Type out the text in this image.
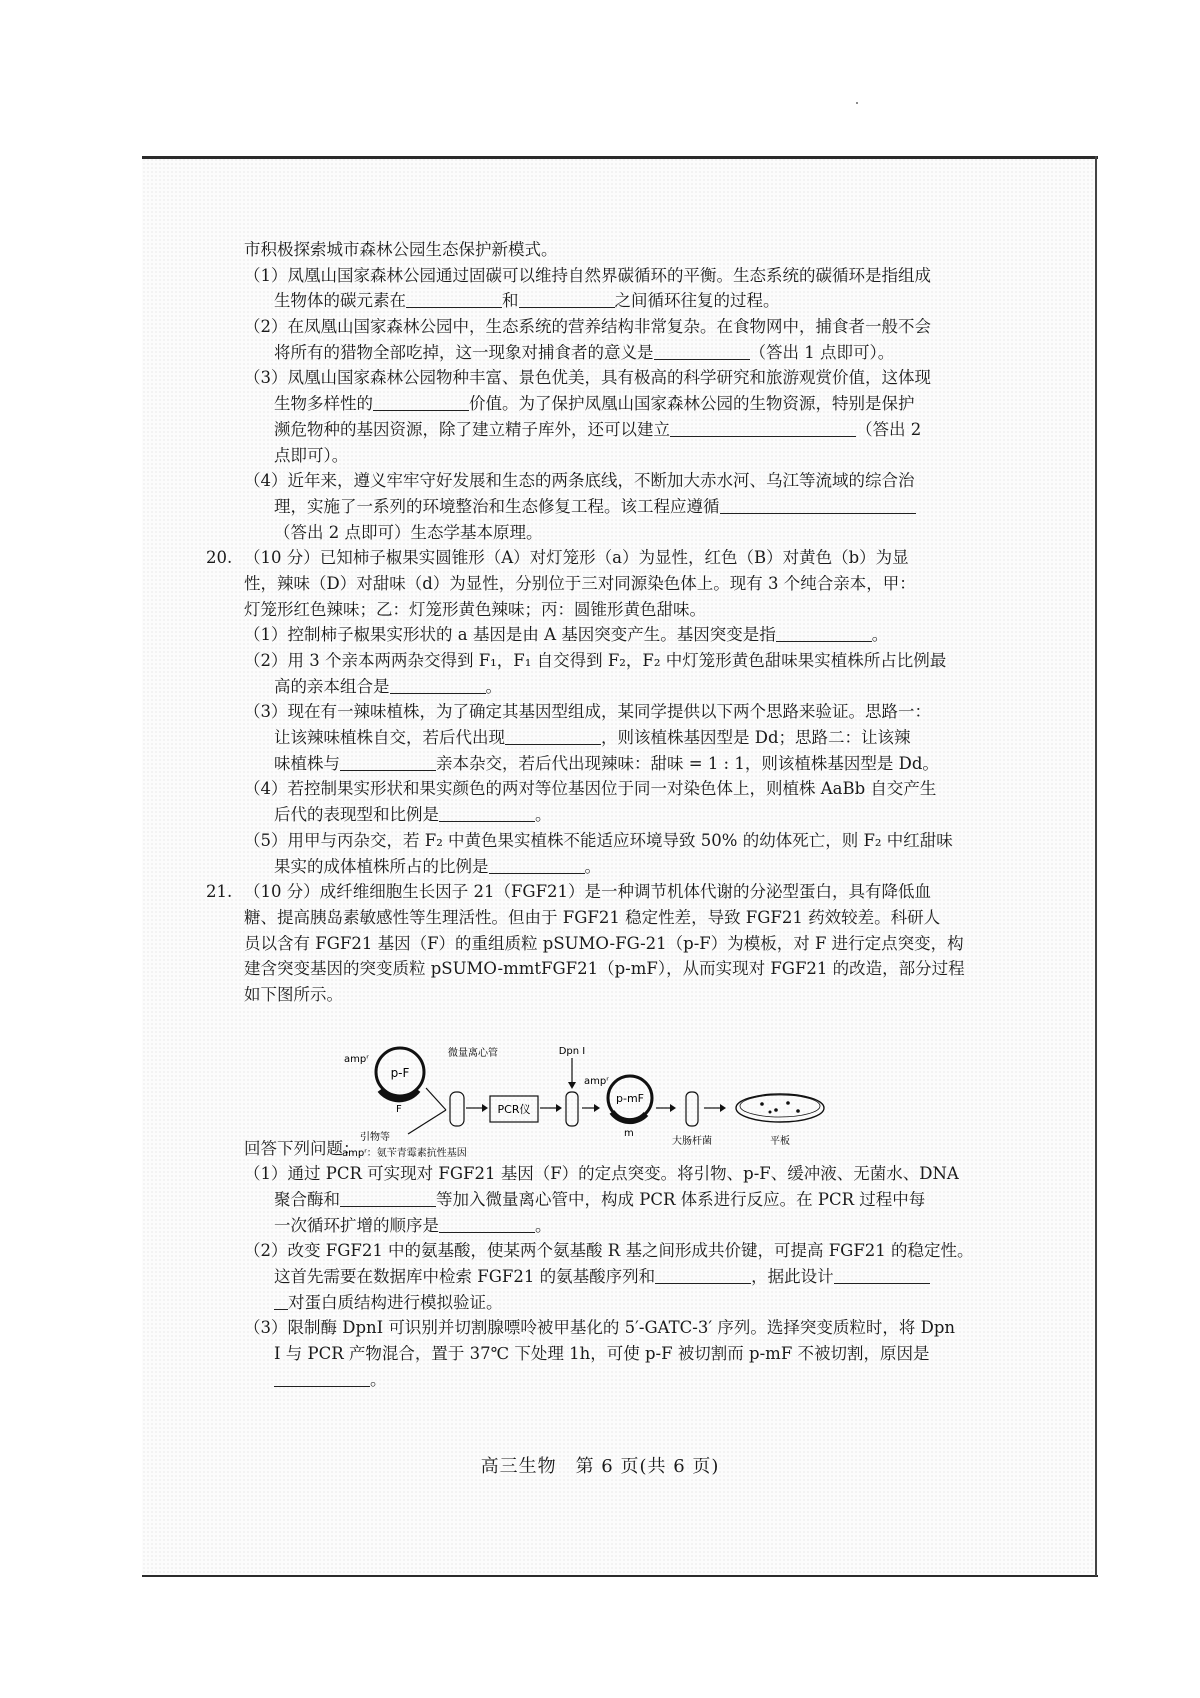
市积极探索城市森林公园生态保护新模式。
（1）凤凰山国家森林公园通过固碳可以维持自然界碳循环的平衡。生态系统的碳循环是指组成
生物体的碳元素在	和	之间循环往复的过程。
（2）在凤凰山国家森林公园中，生态系统的营养结构非常复杂。在食物网中，捕食者一般不会
将所有的猎物全部吃掉，这一现象对捕食者的意义是	（答出 1 点即可）。
（3）凤凰山国家森林公园物种丰富、景色优美，具有极高的科学研究和旅游观赏价值，这体现
生物多样性的	价值。为了保护凤凰山国家森林公园的生物资源，特别是保护
濒危物种的基因资源，除了建立精子库外，还可以建立	（答出 2
点即可）。
（4）近年来，遵义牢牢守好发展和生态的两条底线，不断加大赤水河、乌江等流域的综合治
理，实施了一系列的环境整治和生态修复工程。该工程应遵循
（答出 2 点即可）生态学基本原理。
20. （10 分）已知柿子椒果实圆锥形（A）对灯笼形（a）为显性，红色（B）对黄色（b）为显
性，辣味（D）对甜味（d）为显性，分别位于三对同源染色体上。现有 3 个纯合亲本，甲：
灯笼形红色辣味；乙：灯笼形黄色辣味；丙：圆锥形黄色甜味。
（1）控制柿子椒果实形状的 a 基因是由 A 基因突变产生。基因突变是指	。
（2）用 3 个亲本两两杂交得到 F₁，F₁ 自交得到 F₂，F₂ 中灯笼形黄色甜味果实植株所占比例最
高的亲本组合是	。
（3）现在有一辣味植株，为了确定其基因型组成，某同学提供以下两个思路来验证。思路一：
让该辣味植株自交，若后代出现	，则该植株基因型是 Dd；思路二：让该辣
味植株与	亲本杂交，若后代出现辣味：甜味 = 1 : 1，则该植株基因型是 Dd。
（4）若控制果实形状和果实颜色的两对等位基因位于同一对染色体上，则植株 AaBb 自交产生
后代的表现型和比例是	。
（5）用甲与丙杂交，若 F₂ 中黄色果实植株不能适应环境导致 50% 的幼体死亡，则 F₂ 中红甜味
果实的成体植株所占的比例是	。
21. （10 分）成纤维细胞生长因子 21（FGF21）是一种调节机体代谢的分泌型蛋白，具有降低血
糖、提高胰岛素敏感性等生理活性。但由于 FGF21 稳定性差，导致 FGF21 药效较差。科研人
员以含有 FGF21 基因（F）的重组质粒 pSUMO-FG-21（p-F）为模板，对 F 进行定点突变，构
建含突变基因的突变质粒 pSUMO-mmtFGF21（p-mF），从而实现对 FGF21 的改造，部分过程
如下图所示。
回答下列问题：
（1）通过 PCR 可实现对 FGF21 基因（F）的定点突变。将引物、p-F、缓冲液、无菌水、DNA
聚合酶和	等加入微量离心管中，构成 PCR 体系进行反应。在 PCR 过程中每
一次循环扩增的顺序是	。
（2）改变 FGF21 中的氨基酸，使某两个氨基酸 R 基之间形成共价键，可提高 FGF21 的稳定性。
这首先需要在数据库中检索 FGF21 的氨基酸序列和	，据此设计
对蛋白质结构进行模拟验证。
（3）限制酶 DpnI 可识别并切割腺嘌呤被甲基化的 5′-GATC-3′ 序列。选择突变质粒时，将 Dpn
Ⅰ 与 PCR 产物混合，置于 37℃ 下处理 1h，可使 p-F 被切割而 p-mF 不被切割，原因是
。
p-F
ampʳ
F
引物等
微量离心管
PCR仪
Dpn I
ampʳ
p-mF
m
大肠杆菌	平板
ampʳ：氨苄青霉素抗性基因
高三生物　第 6 页(共 6 页)
